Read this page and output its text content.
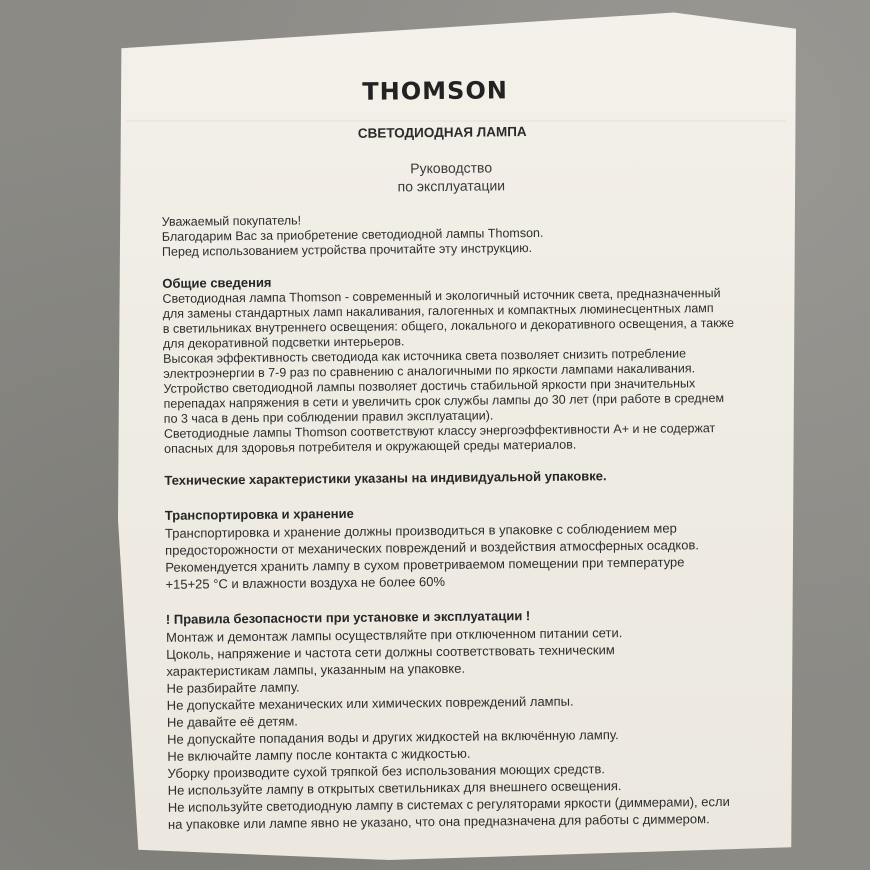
THOMSON
СВЕТОДИОДНАЯ ЛАМПА
Руководство
по эксплуатации
Уважаемый покупатель!
Благодарим Вас за приобретение светодиодной лампы Thomson.
Перед использованием устройства прочитайте эту инструкцию.
Общие сведения
Светодиодная лампа Thomson - современный и экологичный источник света, предназначенный
для замены стандартных ламп накаливания, галогенных и компактных люминесцентных ламп
в светильниках внутреннего освещения: общего, локального и декоративного освещения, а также
для декоративной подсветки интерьеров.
Высокая эффективность светодиода как источника света позволяет снизить потребление
электроэнергии в 7-9 раз по сравнению с аналогичными по яркости лампами накаливания.
Устройство светодиодной лампы позволяет достичь стабильной яркости при значительных
перепадах напряжения в сети и увеличить срок службы лампы до 30 лет (при работе в среднем
по 3 часа в день при соблюдении правил эксплуатации).
Светодиодные лампы Thomson соответствуют классу энергоэффективности А+ и не содержат
опасных для здоровья потребителя и окружающей среды материалов.
Технические характеристики указаны на индивидуальной упаковке.
Транспортировка и хранение
Транспортировка и хранение должны производиться в упаковке с соблюдением мер
предосторожности от механических повреждений и воздействия атмосферных осадков.
Рекомендуется хранить лампу в сухом проветриваемом помещении при температуре
+15+25 °С и влажности воздуха не более 60%
! Правила безопасности при установке и эксплуатации !
Монтаж и демонтаж лампы осуществляйте при отключенном питании сети.
Цоколь, напряжение и частота сети должны соответствовать техническим
характеристикам лампы, указанным на упаковке.
Не разбирайте лампу.
Не допускайте механических или химических повреждений лампы.
Не давайте её детям.
Не допускайте попадания воды и других жидкостей на включённую лампу.
Не включайте лампу после контакта с жидкостью.
Уборку производите сухой тряпкой без использования моющих средств.
Не используйте лампу в открытых светильниках для внешнего освещения.
Не используйте светодиодную лампу в системах с регуляторами яркости (диммерами), если
на упаковке или лампе явно не указано, что она предназначена для работы с диммером.
